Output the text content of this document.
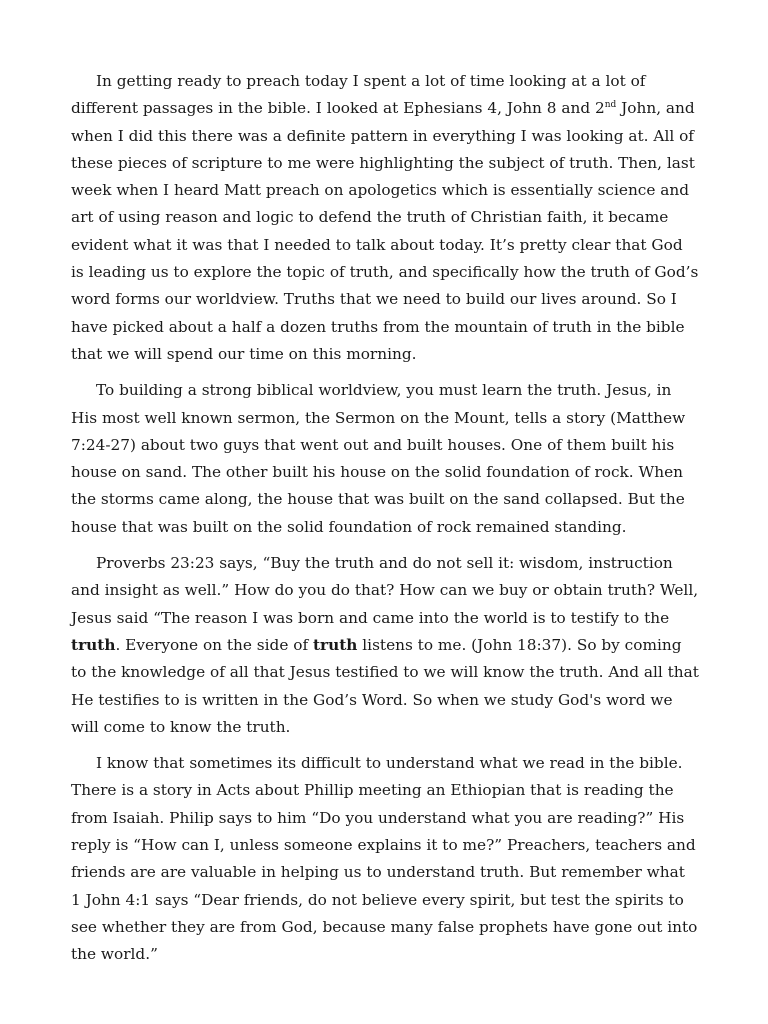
In getting ready to preach today I spent a lot of time looking at a lot of different passages in the bible. I looked at Ephesians 4, John 8 and 2nd John, and when I did this there was a definite pattern in everything I was looking at. All of these pieces of scripture to me were highlighting the subject of truth. Then, last week when I heard Matt preach on apologetics which is essentially science and art of using reason and logic to defend the truth of Christian faith, it became evident what it was that I needed to talk about today. It’s pretty clear that God is leading us to explore the topic of truth, and specifically how the truth of God’s word forms our worldview. Truths that we need to build our lives around. So I have picked about a half a dozen truths from the mountain of truth in the bible that we will spend our time on this morning.

To building a strong biblical worldview, you must learn the truth. Jesus, in His most well known sermon, the Sermon on the Mount, tells a story (Matthew 7:24-27) about two guys that went out and built houses. One of them built his house on sand. The other built his house on the solid foundation of rock. When the storms came along, the house that was built on the sand collapsed. But the house that was built on the solid foundation of rock remained standing.

Proverbs 23:23 says, “Buy the truth and do not sell it: wisdom, instruction and insight as well.” How do you do that? How can we buy or obtain truth? Well, Jesus said “The reason I was born and came into the world is to testify to the truth. Everyone on the side of truth listens to me. (John 18:37). So by coming to the knowledge of all that Jesus testified to we will know the truth. And all that He testifies to is written in the God’s Word. So when we study God's word we will come to know the truth.

I know that sometimes its difficult to understand what we read in the bible. There is a story in Acts about Phillip meeting an Ethiopian that is reading the from Isaiah. Philip says to him “Do you understand what you are reading?” His reply is “How can I, unless someone explains it to me?” Preachers, teachers and friends are are valuable in helping us to understand truth. But remember what 1 John 4:1 says “Dear friends, do not believe every spirit, but test the spirits to see whether they are from God, because many false prophets have gone out into the world.”
